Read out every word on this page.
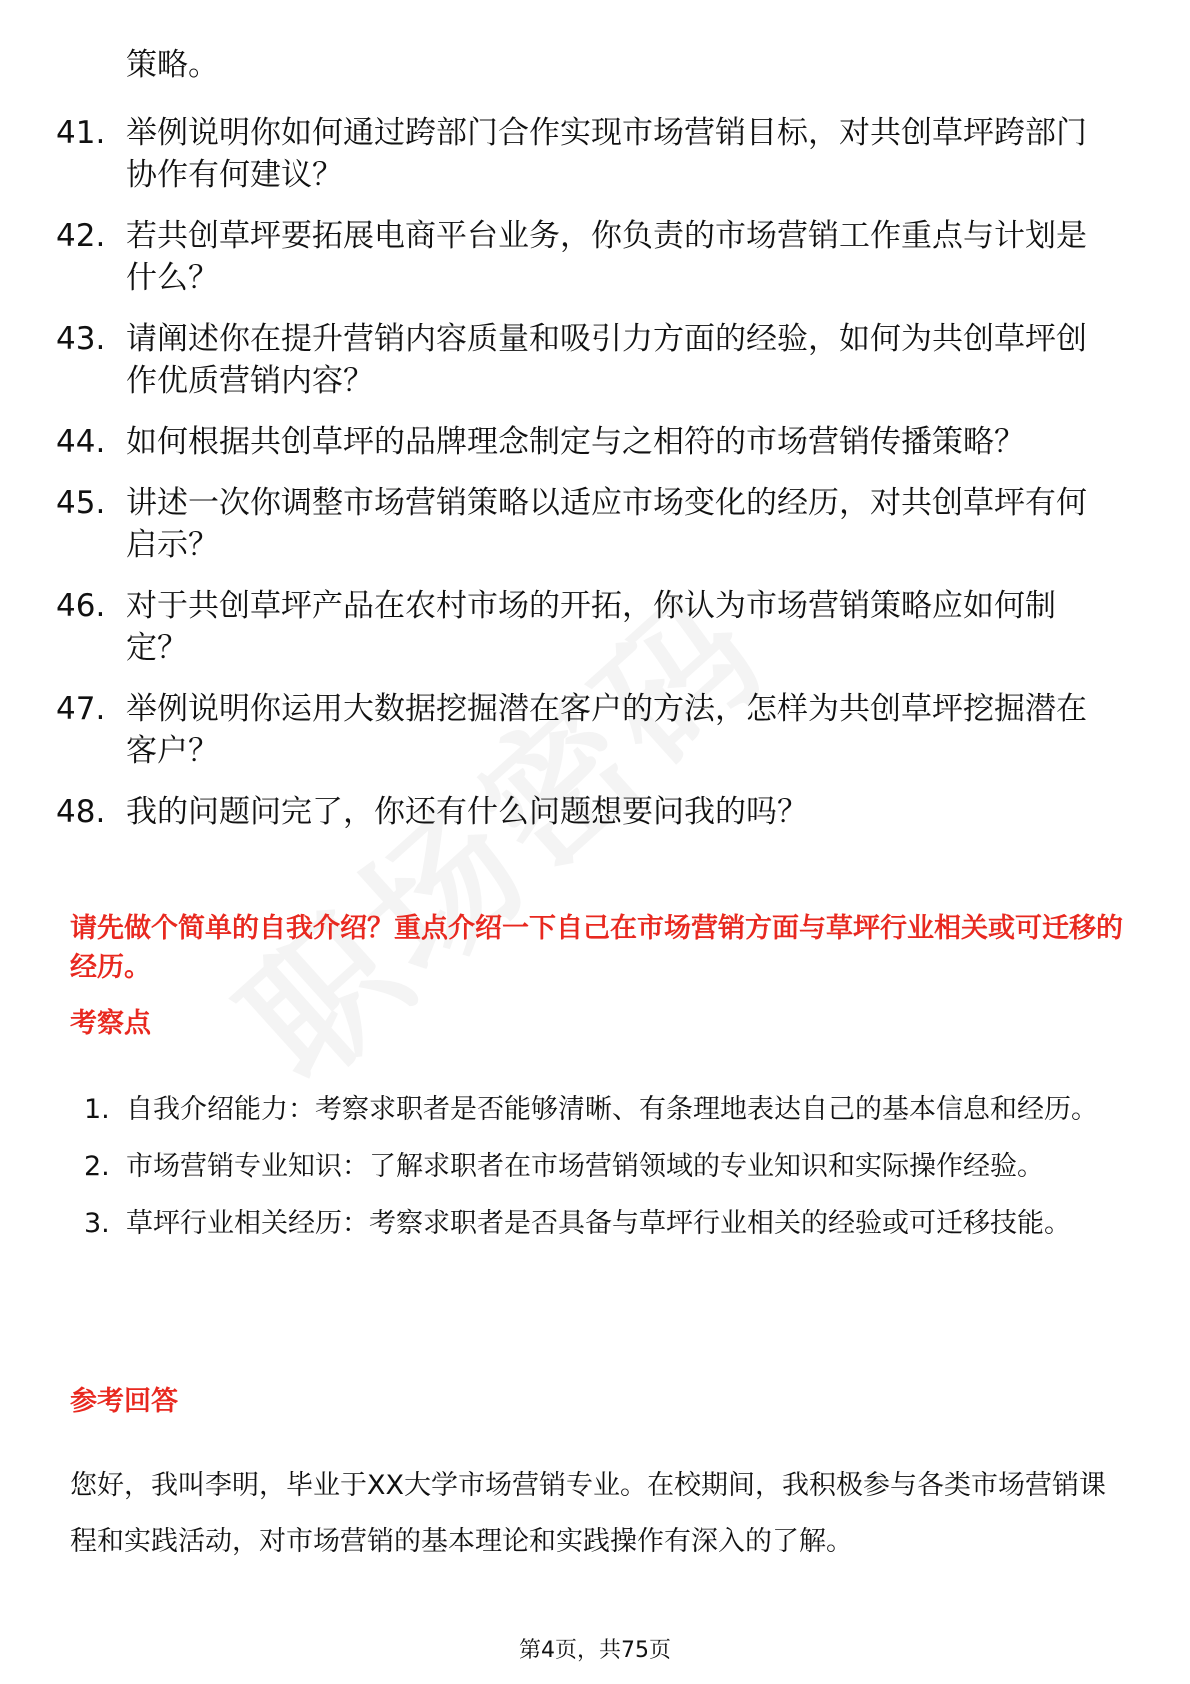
策略。
41. 举例说明你如何通过跨部门合作实现市场营销目标，对共创草坪跨部门协作有何建议？
42. 若共创草坪要拓展电商平台业务，你负责的市场营销工作重点与计划是什么？
43. 请阐述你在提升营销内容质量和吸引力方面的经验，如何为共创草坪创作优质营销内容？
44. 如何根据共创草坪的品牌理念制定与之相符的市场营销传播策略？
45. 讲述一次你调整市场营销策略以适应市场变化的经历，对共创草坪有何启示？
46. 对于共创草坪产品在农村市场的开拓，你认为市场营销策略应如何制定？
47. 举例说明你运用大数据挖掘潜在客户的方法，怎样为共创草坪挖掘潜在客户？
48. 我的问题问完了，你还有什么问题想要问我的吗？
请先做个简单的自我介绍？重点介绍一下自己在市场营销方面与草坪行业相关或可迁移的经历。
考察点
1. 自我介绍能力：考察求职者是否能够清晰、有条理地表达自己的基本信息和经历。
2. 市场营销专业知识：了解求职者在市场营销领域的专业知识和实际操作经验。
3. 草坪行业相关经历：考察求职者是否具备与草坪行业相关的经验或可迁移技能。
参考回答
您好，我叫李明，毕业于XX大学市场营销专业。在校期间，我积极参与各类市场营销课程和实践活动，对市场营销的基本理论和实践操作有深入的了解。
第4页，共75页
